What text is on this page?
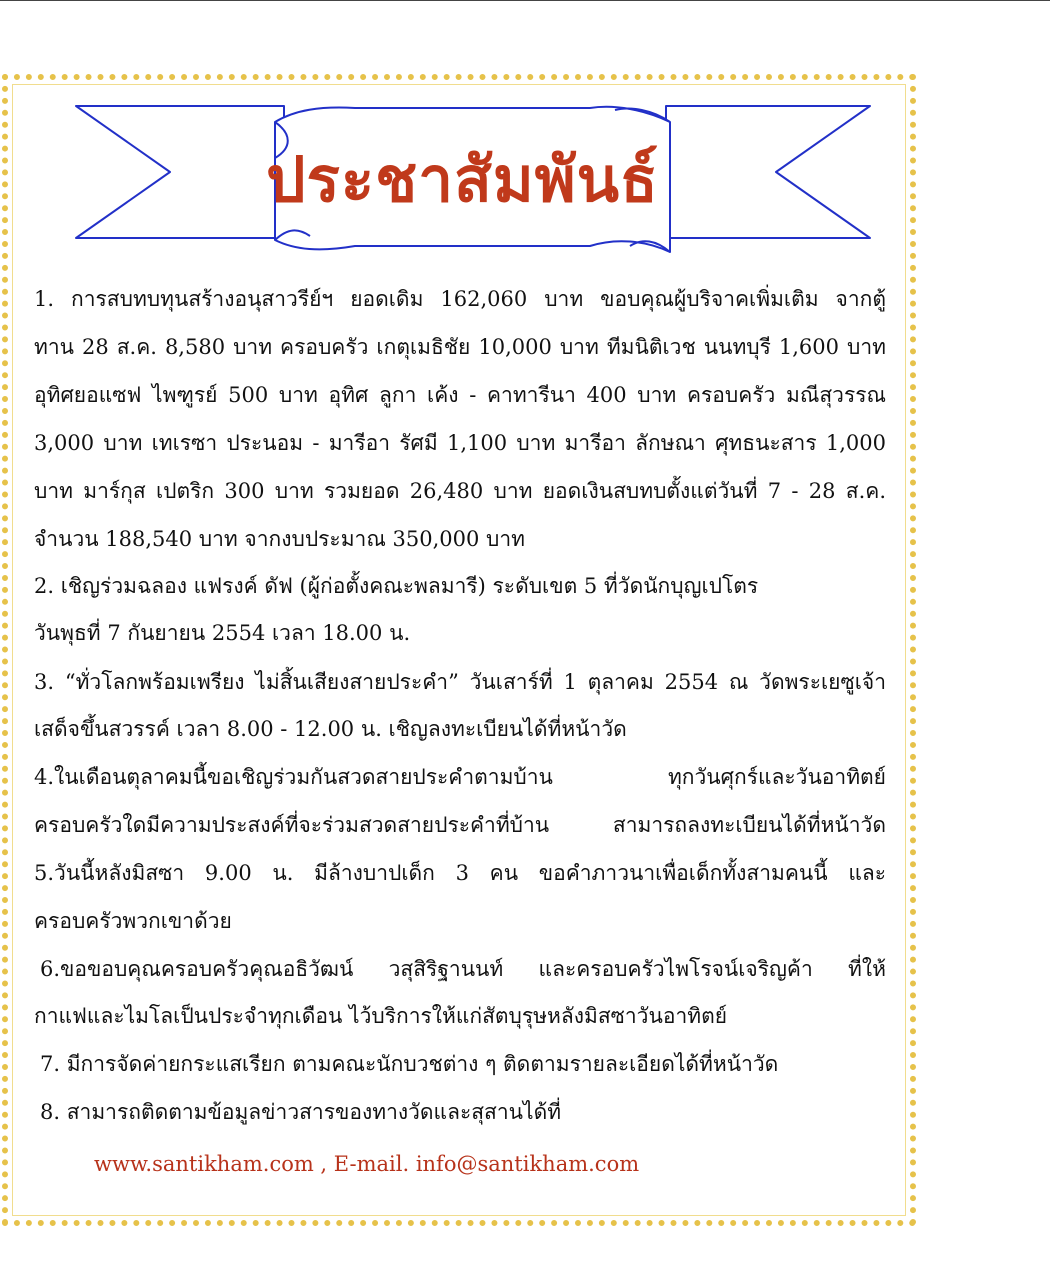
ประชาสัมพันธ์
1. การสบทบทุนสร้างอนุสาวรีย์ฯ ยอดเดิม 162,060 บาท ขอบคุณผู้บริจาคเพิ่มเติม จากตู้
ทาน 28 ส.ค. 8,580 บาท ครอบครัว เกตุเมธิชัย 10,000 บาท ทีมนิติเวช นนทบุรี 1,600 บาท
อุทิศยอแซฟ ไพฑูรย์ 500 บาท อุทิศ ลูกา เค้ง - คาทารีนา 400 บาท ครอบครัว มณีสุวรรณ
3,000 บาท เทเรซา ประนอม - มารีอา รัศมี 1,100 บาท มารีอา ลักษณา ศุทธนะสาร 1,000
บาท มาร์กุส เปตริก 300 บาท รวมยอด 26,480 บาท ยอดเงินสบทบตั้งแต่วันที่ 7 - 28 ส.ค.
จำนวน 188,540 บาท จากงบประมาณ 350,000 บาท
2. เชิญร่วมฉลอง แฟรงค์ ดัฟ (ผู้ก่อตั้งคณะพลมารี) ระดับเขต 5 ที่วัดนักบุญเปโตร
วันพุธที่ 7 กันยายน 2554 เวลา 18.00 น.
3. “ทั่วโลกพร้อมเพรียง ไม่สิ้นเสียงสายประคำ” วันเสาร์ที่ 1 ตุลาคม 2554 ณ วัดพระเยซูเจ้า
เสด็จขึ้นสวรรค์ เวลา 8.00 - 12.00 น. เชิญลงทะเบียนได้ที่หน้าวัด
4.ในเดือนตุลาคมนี้ขอเชิญร่วมกันสวดสายประคำตามบ้าน	ทุกวันศุกร์และวันอาทิตย์
ครอบครัวใดมีความประสงค์ที่จะร่วมสวดสายประคำที่บ้าน สามารถลงทะเบียนได้ที่หน้าวัด
5.วันนี้หลังมิสซา 9.00 น. มีล้างบาปเด็ก 3 คน ขอคำภาวนาเพื่อเด็กทั้งสามคนนี้ และ
ครอบครัวพวกเขาด้วย
6.ขอขอบคุณครอบครัวคุณอธิวัฒน์ วสุสิริฐานนท์ และครอบครัวไพโรจน์เจริญค้า ที่ให้
กาแฟและไมโลเป็นประจำทุกเดือน ไว้บริการให้แก่สัตบุรุษหลังมิสซาวันอาทิตย์
7. มีการจัดค่ายกระแสเรียก ตามคณะนักบวชต่าง ๆ ติดตามรายละเอียดได้ที่หน้าวัด
8. สามารถติดตามข้อมูลข่าวสารของทางวัดและสุสานได้ที่
www.santikham.com , E-mail. info@santikham.com
